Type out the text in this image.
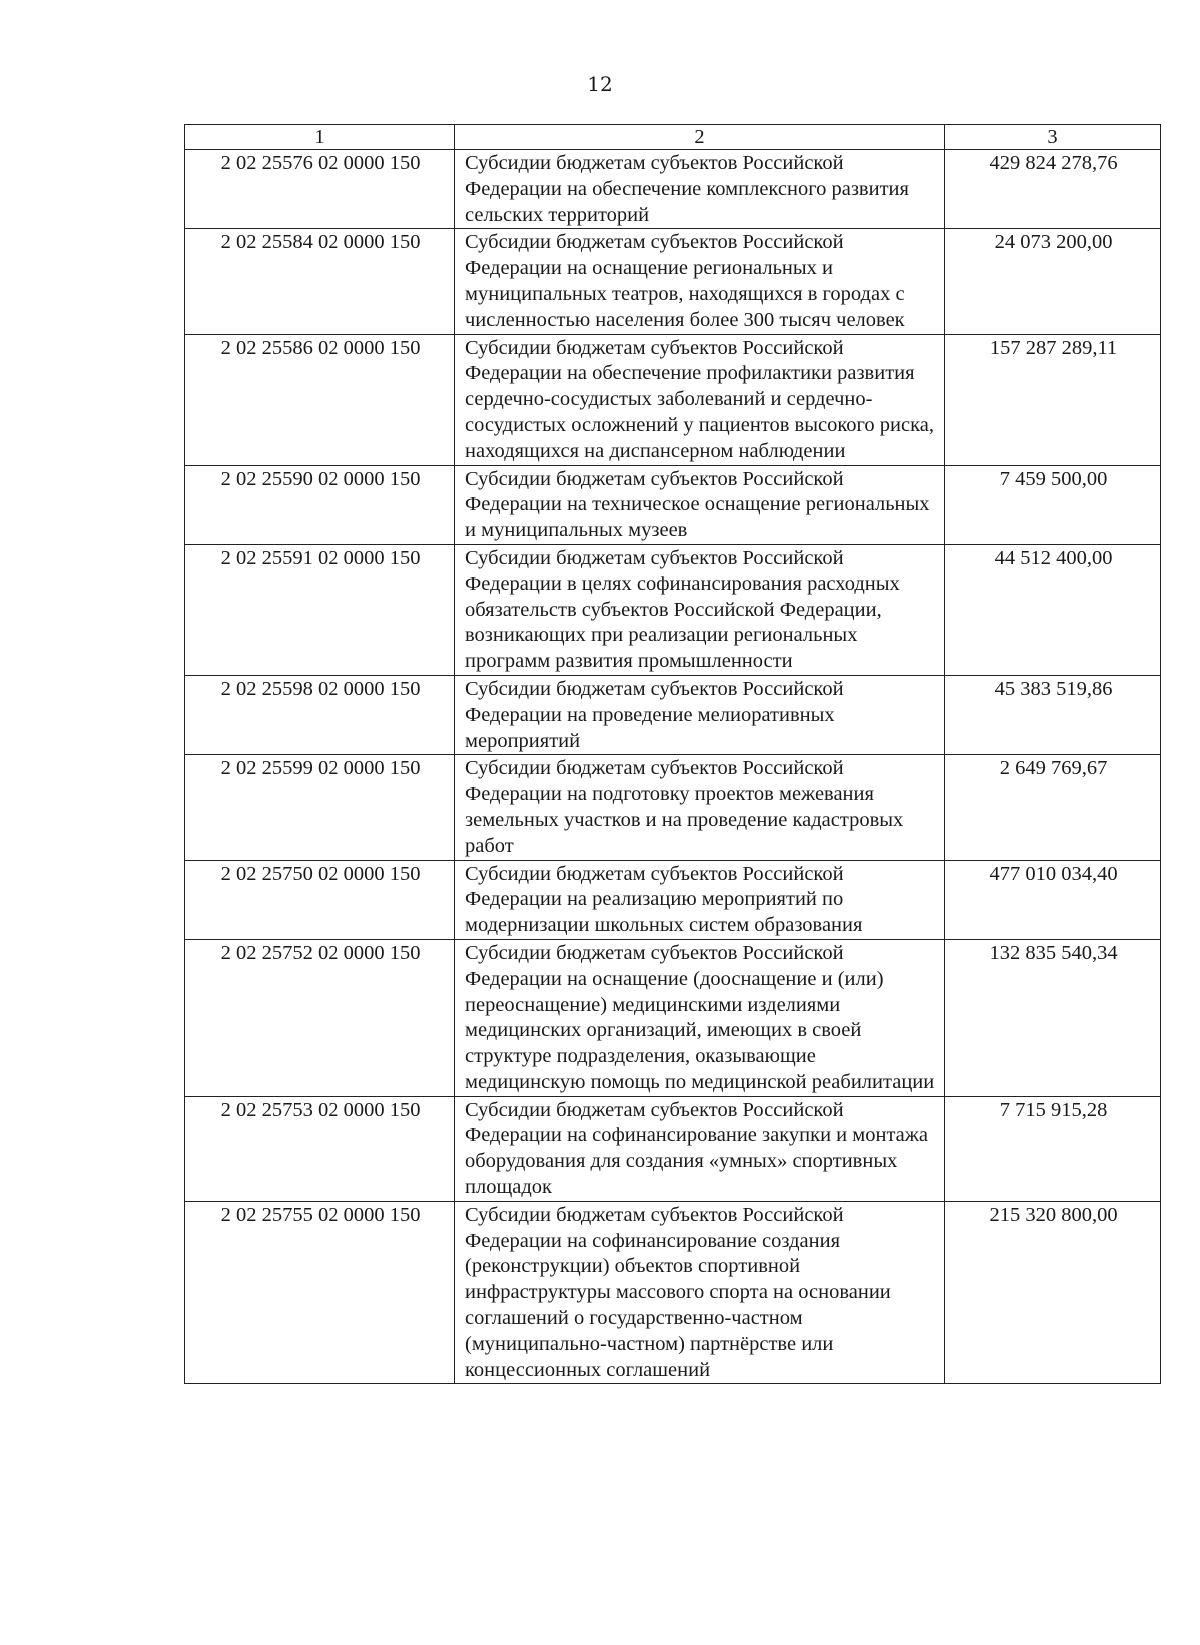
12
1	2	3
2 02 25576 02 0000 150	Субсидии бюджетам субъектов Российской Федерации на обеспечение комплексного развития сельских территорий	429 824 278,76
2 02 25584 02 0000 150	Субсидии бюджетам субъектов Российской Федерации на оснащение региональных и муниципальных театров, находящихся в городах с численностью населения более 300 тысяч человек	24 073 200,00
2 02 25586 02 0000 150	Субсидии бюджетам субъектов Российской Федерации на обеспечение профилактики развития сердечно-сосудистых заболеваний и сердечно-сосудистых осложнений у пациентов высокого риска, находящихся на диспансерном наблюдении	157 287 289,11
2 02 25590 02 0000 150	Субсидии бюджетам субъектов Российской Федерации на техническое оснащение региональных и муниципальных музеев	7 459 500,00
2 02 25591 02 0000 150	Субсидии бюджетам субъектов Российской Федерации в целях софинансирования расходных обязательств субъектов Российской Федерации, возникающих при реализации региональных программ развития промышленности	44 512 400,00
2 02 25598 02 0000 150	Субсидии бюджетам субъектов Российской Федерации на проведение мелиоративных мероприятий	45 383 519,86
2 02 25599 02 0000 150	Субсидии бюджетам субъектов Российской Федерации на подготовку проектов межевания земельных участков и на проведение кадастровых работ	2 649 769,67
2 02 25750 02 0000 150	Субсидии бюджетам субъектов Российской Федерации на реализацию мероприятий по модернизации школьных систем образования	477 010 034,40
2 02 25752 02 0000 150	Субсидии бюджетам субъектов Российской Федерации на оснащение (дооснащение и (или) переоснащение) медицинскими изделиями медицинских организаций, имеющих в своей структуре подразделения, оказывающие медицинскую помощь по медицинской реабилитации	132 835 540,34
2 02 25753 02 0000 150	Субсидии бюджетам субъектов Российской Федерации на софинансирование закупки и монтажа оборудования для создания «умных» спортивных площадок	7 715 915,28
2 02 25755 02 0000 150	Субсидии бюджетам субъектов Российской Федерации на софинансирование создания (реконструкции) объектов спортивной инфраструктуры массового спорта на основании соглашений о государственно-частном (муниципально-частном) партнёрстве или концессионных соглашений	215 320 800,00
